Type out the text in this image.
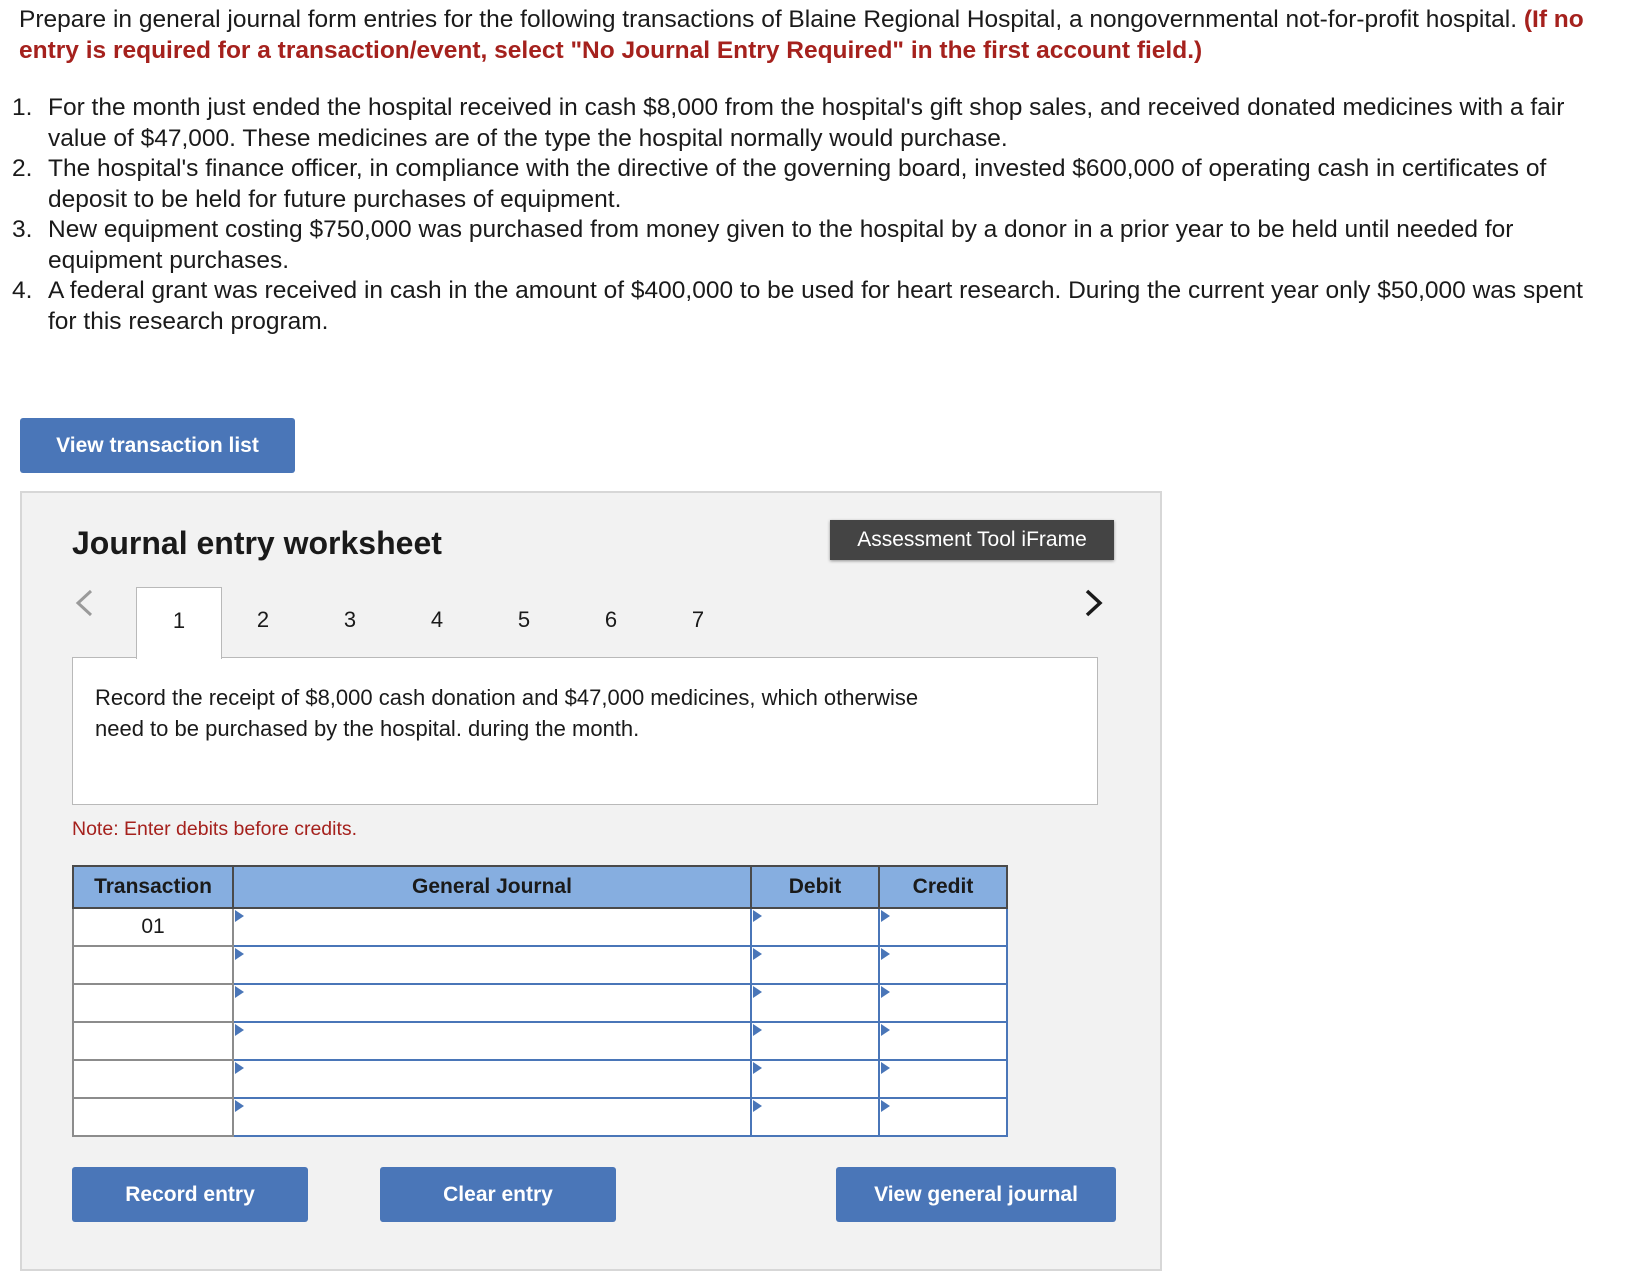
Prepare in general journal form entries for the following transactions of Blaine Regional Hospital, a nongovernmental not-for-profit hospital. (If no entry is required for a transaction/event, select "No Journal Entry Required" in the first account field.)
1. For the month just ended the hospital received in cash $8,000 from the hospital's gift shop sales, and received donated medicines with a fair value of $47,000. These medicines are of the type the hospital normally would purchase.
2. The hospital's finance officer, in compliance with the directive of the governing board, invested $600,000 of operating cash in certificates of deposit to be held for future purchases of equipment.
3. New equipment costing $750,000 was purchased from money given to the hospital by a donor in a prior year to be held until needed for equipment purchases.
4. A federal grant was received in cash in the amount of $400,000 to be used for heart research. During the current year only $50,000 was spent for this research program.
View transaction list
Journal entry worksheet	Assessment Tool iFrame
1	2	3	4	5	6	7
Record the receipt of $8,000 cash donation and $47,000 medicines, which otherwise need to be purchased by the hospital. during the month.
Note: Enter debits before credits.
Transaction	General Journal	Debit	Credit
01			

Record entry	Clear entry	View general journal
